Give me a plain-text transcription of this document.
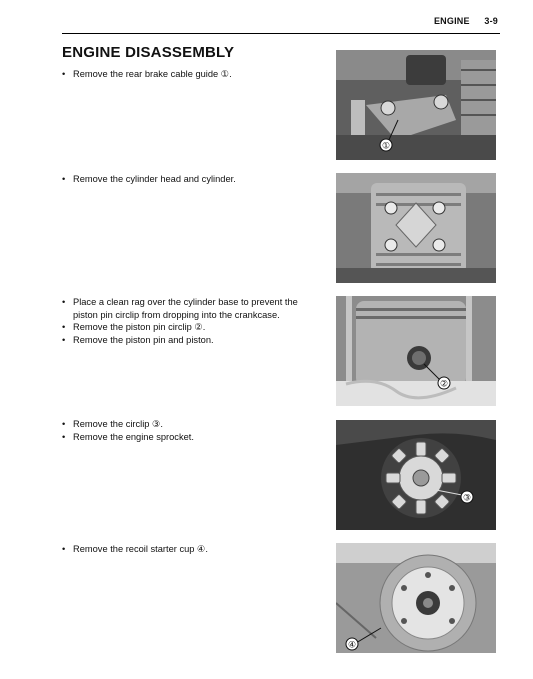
ENGINE 3-9
ENGINE DISASSEMBLY
• Remove the rear brake cable guide ①.
①
• Remove the cylinder head and cylinder.
• Place a clean rag over the cylinder base to prevent the piston pin circlip from dropping into the crankcase.
• Remove the piston pin circlip ②.
• Remove the piston pin and piston.
②
• Remove the circlip ③.
• Remove the engine sprocket.
③
• Remove the recoil starter cup ④.
④
